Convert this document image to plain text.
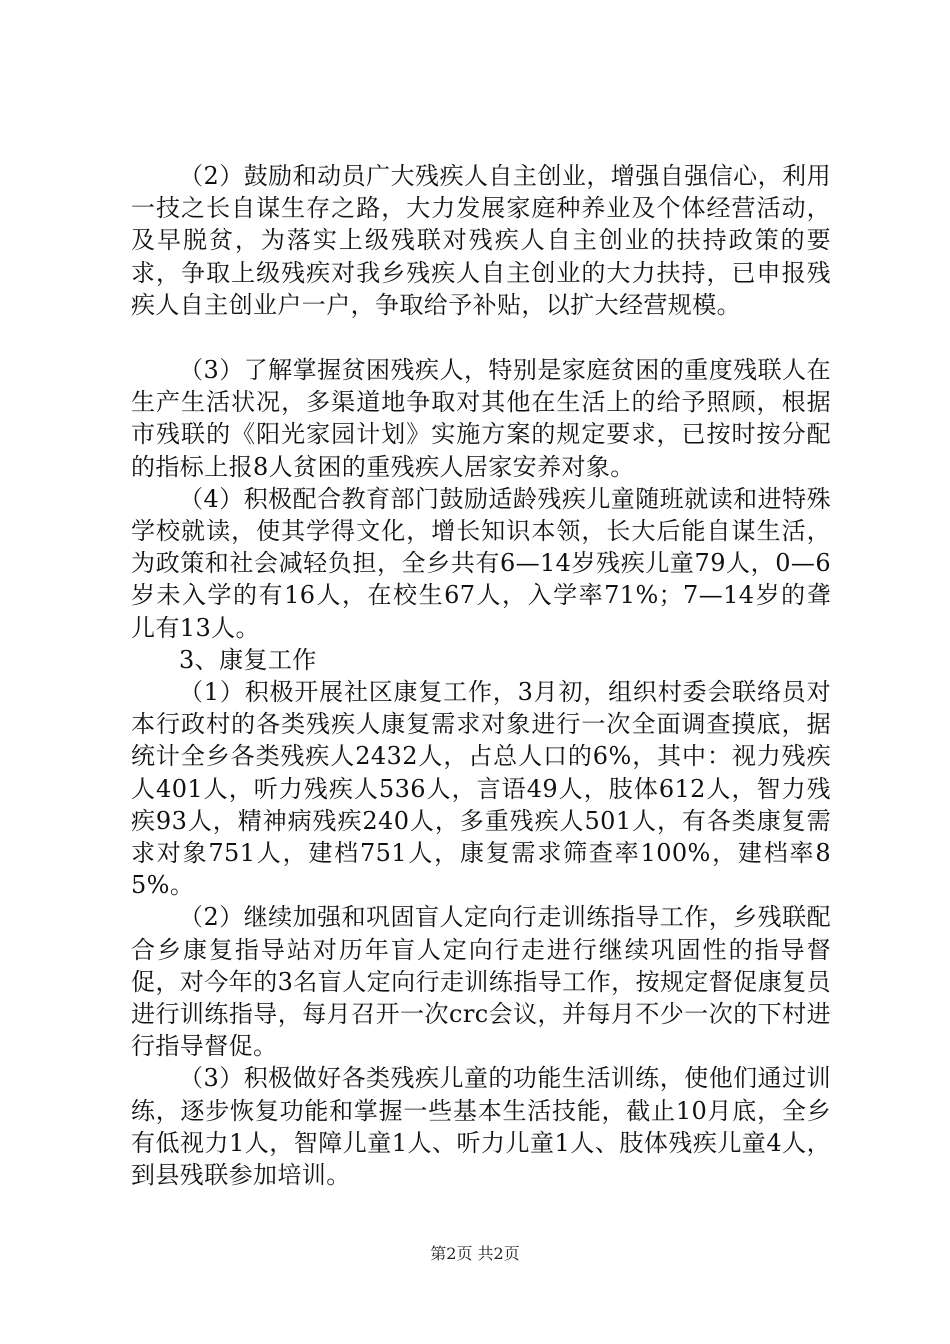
（2）鼓励和动员广大残疾人自主创业，增强自强信心，利用一技之长自谋生存之路，大力发展家庭种养业及个体经营活动，及早脱贫，为落实上级残联对残疾人自主创业的扶持政策的要求，争取上级残疾对我乡残疾人自主创业的大力扶持，已申报残疾人自主创业户一户，争取给予补贴，以扩大经营规模。

（3）了解掌握贫困残疾人，特别是家庭贫困的重度残联人在生产生活状况，多渠道地争取对其他在生活上的给予照顾，根据市残联的《阳光家园计划》实施方案的规定要求，已按时按分配的指标上报8人贫困的重残疾人居家安养对象。

（4）积极配合教育部门鼓励适龄残疾儿童随班就读和进特殊学校就读，使其学得文化，增长知识本领，长大后能自谋生活，为政策和社会减轻负担，全乡共有6—14岁残疾儿童79人，0—6岁未入学的有16人，在校生67人，入学率71%；7—14岁的聋儿有13人。

3、康复工作

（1）积极开展社区康复工作，3月初，组织村委会联络员对本行政村的各类残疾人康复需求对象进行一次全面调查摸底，据统计全乡各类残疾人2432人，占总人口的6%，其中：视力残疾人401人，听力残疾人536人，言语49人，肢体612人，智力残疾93人，精神病残疾240人，多重残疾人501人，有各类康复需求对象751人，建档751人，康复需求筛查率100%，建档率85%。

（2）继续加强和巩固盲人定向行走训练指导工作，乡残联配合乡康复指导站对历年盲人定向行走进行继续巩固性的指导督促，对今年的3名盲人定向行走训练指导工作，按规定督促康复员进行训练指导，每月召开一次crc会议，并每月不少一次的下村进行指导督促。

（3）积极做好各类残疾儿童的功能生活训练，使他们通过训练，逐步恢复功能和掌握一些基本生活技能，截止10月底，全乡有低视力1人，智障儿童1人、听力儿童1人、肢体残疾儿童4人，到县残联参加培训。

第2页 共2页
